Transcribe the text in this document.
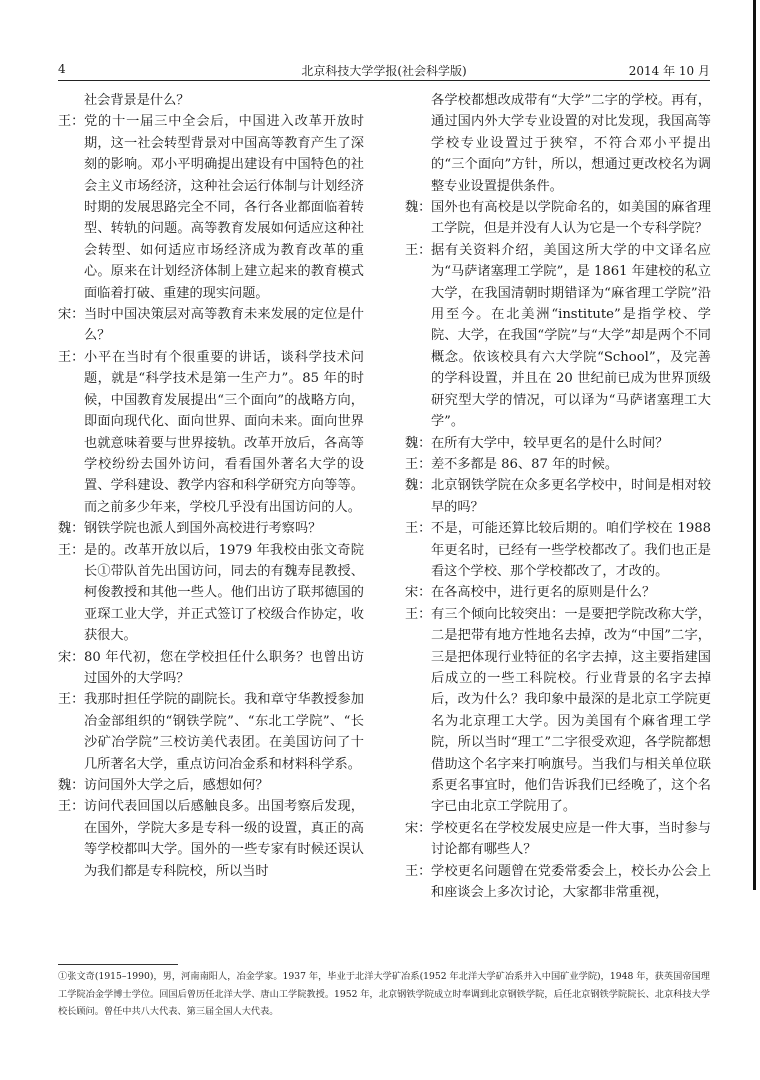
4	北京科技大学学报(社会科学版)	2014 年 10 月
社会背景是什么？
王： 党的十一届三中全会后，中国进入改革开放时期，这一社会转型背景对中国高等教育产生了深刻的影响。邓小平明确提出建设有中国特色的社会主义市场经济，这种社会运行体制与计划经济时期的发展思路完全不同，各行各业都面临着转型、转轨的问题。高等教育发展如何适应这种社会转型、如何适应市场经济成为教育改革的重心。原来在计划经济体制上建立起来的教育模式面临着打破、重建的现实问题。
宋： 当时中国决策层对高等教育未来发展的定位是什么？
王： 小平在当时有个很重要的讲话，谈科学技术问题，就是“科学技术是第一生产力”。85 年的时候，中国教育发展提出“三个面向”的战略方向，即面向现代化、面向世界、面向未来。面向世界也就意味着要与世界接轨。改革开放后，各高等学校纷纷去国外访问，看看国外著名大学的设置、学科建设、教学内容和科学研究方向等等。而之前多少年来，学校几乎没有出国访问的人。
魏： 钢铁学院也派人到国外高校进行考察吗？
王： 是的。改革开放以后，1979 年我校由张文奇院长①带队首先出国访问，同去的有魏寿昆教授、柯俊教授和其他一些人。他们出访了联邦德国的亚琛工业大学，并正式签订了校级合作协定，收获很大。
宋： 80 年代初，您在学校担任什么职务？也曾出访过国外的大学吗？
王： 我那时担任学院的副院长。我和章守华教授参加冶金部组织的“钢铁学院”、“东北工学院”、“长沙矿冶学院”三校访美代表团。在美国访问了十几所著名大学，重点访问冶金系和材料科学系。
魏： 访问国外大学之后，感想如何？
王： 访问代表回国以后感触良多。出国考察后发现，在国外，学院大多是专科一级的设置，真正的高等学校都叫大学。国外的一些专家有时候还误认为我们都是专科院校，所以当时
各学校都想改成带有“大学”二字的学校。再有，通过国内外大学专业设置的对比发现，我国高等学校专业设置过于狭窄，不符合邓小平提出的“三个面向”方针，所以，想通过更改校名为调整专业设置提供条件。
魏： 国外也有高校是以学院命名的，如美国的麻省理工学院，但是并没有人认为它是一个专科学院？
王： 据有关资料介绍，美国这所大学的中文译名应为“马萨诸塞理工学院”，是 1861 年建校的私立大学，在我国清朝时期错译为“麻省理工学院”沿用至今。在北美洲“institute”是指学校、学院、大学，在我国“学院”与“大学”却是两个不同概念。依该校具有六大学院“School”，及完善的学科设置，并且在 20 世纪前已成为世界顶级研究型大学的情况，可以译为“马萨诸塞理工大学”。
魏： 在所有大学中，较早更名的是什么时间？
王： 差不多都是 86、87 年的时候。
魏： 北京钢铁学院在众多更名学校中，时间是相对较早的吗？
王： 不是，可能还算比较后期的。咱们学校在 1988 年更名时，已经有一些学校都改了。我们也正是看这个学校、那个学校都改了，才改的。
宋： 在各高校中，进行更名的原则是什么？
王： 有三个倾向比较突出：一是要把学院改称大学，二是把带有地方性地名去掉，改为“中国”二字，三是把体现行业特征的名字去掉，这主要指建国后成立的一些工科院校。行业背景的名字去掉后，改为什么？我印象中最深的是北京工学院更名为北京理工大学。因为美国有个麻省理工学院，所以当时“理工”二字很受欢迎，各学院都想借助这个名字来打响旗号。当我们与相关单位联系更名事宜时，他们告诉我们已经晚了，这个名字已由北京工学院用了。
宋： 学校更名在学校发展史应是一件大事，当时参与讨论都有哪些人？
王： 学校更名问题曾在党委常委会上，校长办公会上和座谈会上多次讨论，大家都非常重视，
①张文奇(1915–1990)，男，河南南阳人，冶金学家。1937 年，毕业于北洋大学矿冶系(1952 年北洋大学矿冶系并入中国矿业学院)，1948 年，获英国帝国理工学院冶金学博士学位。回国后曾历任北洋大学、唐山工学院教授。1952 年，北京钢铁学院成立时奉调到北京钢铁学院，后任北京钢铁学院院长、北京科技大学校长顾问。曾任中共八大代表、第三届全国人大代表。
